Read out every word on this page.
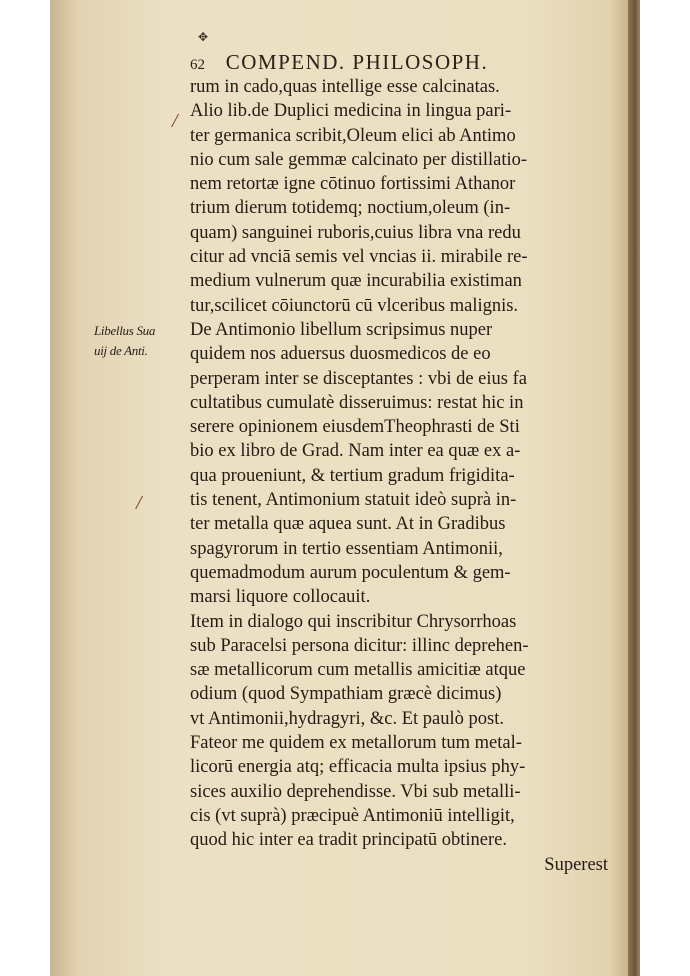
✥
62 COMPEND. PHILOSOPH.
Libellus Sua
uij de Anti.
/
/
rum in cado,quas intellige esse calcinatas.
Alio lib.de Duplici medicina in lingua pari-
ter germanica scribit,Oleum elici ab Antimo
nio cum sale gemmæ calcinato per distillatio-
nem retortæ igne cōtinuo fortissimi Athanor
trium dierum totidemq; noctium,oleum (in-
quam) sanguinei ruboris,cuius libra vna redu
citur ad vnciā semis vel vncias ii. mirabile re-
medium vulnerum quæ incurabilia existiman
tur,scilicet cōiunctorū cū vlceribus malignis.
De Antimonio libellum scripsimus nuper
quidem nos aduersus duosmedicos de eo
perperam inter se disceptantes : vbi de eius fa
cultatibus cumulatè disseruimus: restat hic in
serere opinionem eiusdemTheophrasti de Sti
bio ex libro de Grad. Nam inter ea quæ ex a-
qua proueniunt, & tertium gradum frigidita-
tis tenent, Antimonium statuit ideò suprà in-
ter metalla quæ aquea sunt. At in Gradibus
spagyrorum in tertio essentiam Antimonii,
quemadmodum aurum poculentum & gem-
marsi liquore collocauit.
Item in dialogo qui inscribitur Chrysorrhoas
sub Paracelsi persona dicitur: illinc deprehen-
sæ metallicorum cum metallis amicitiæ atque
odium (quod Sympathiam græcè dicimus)
vt Antimonii,hydragyri, &c. Et paulò post.
Fateor me quidem ex metallorum tum metal-
licorū energia atq; efficacia multa ipsius phy-
sices auxilio deprehendisse. Vbi sub metalli-
cis (vt suprà) præcipuè Antimoniū intelligit,
quod hic inter ea tradit principatū obtinere.
Superest
